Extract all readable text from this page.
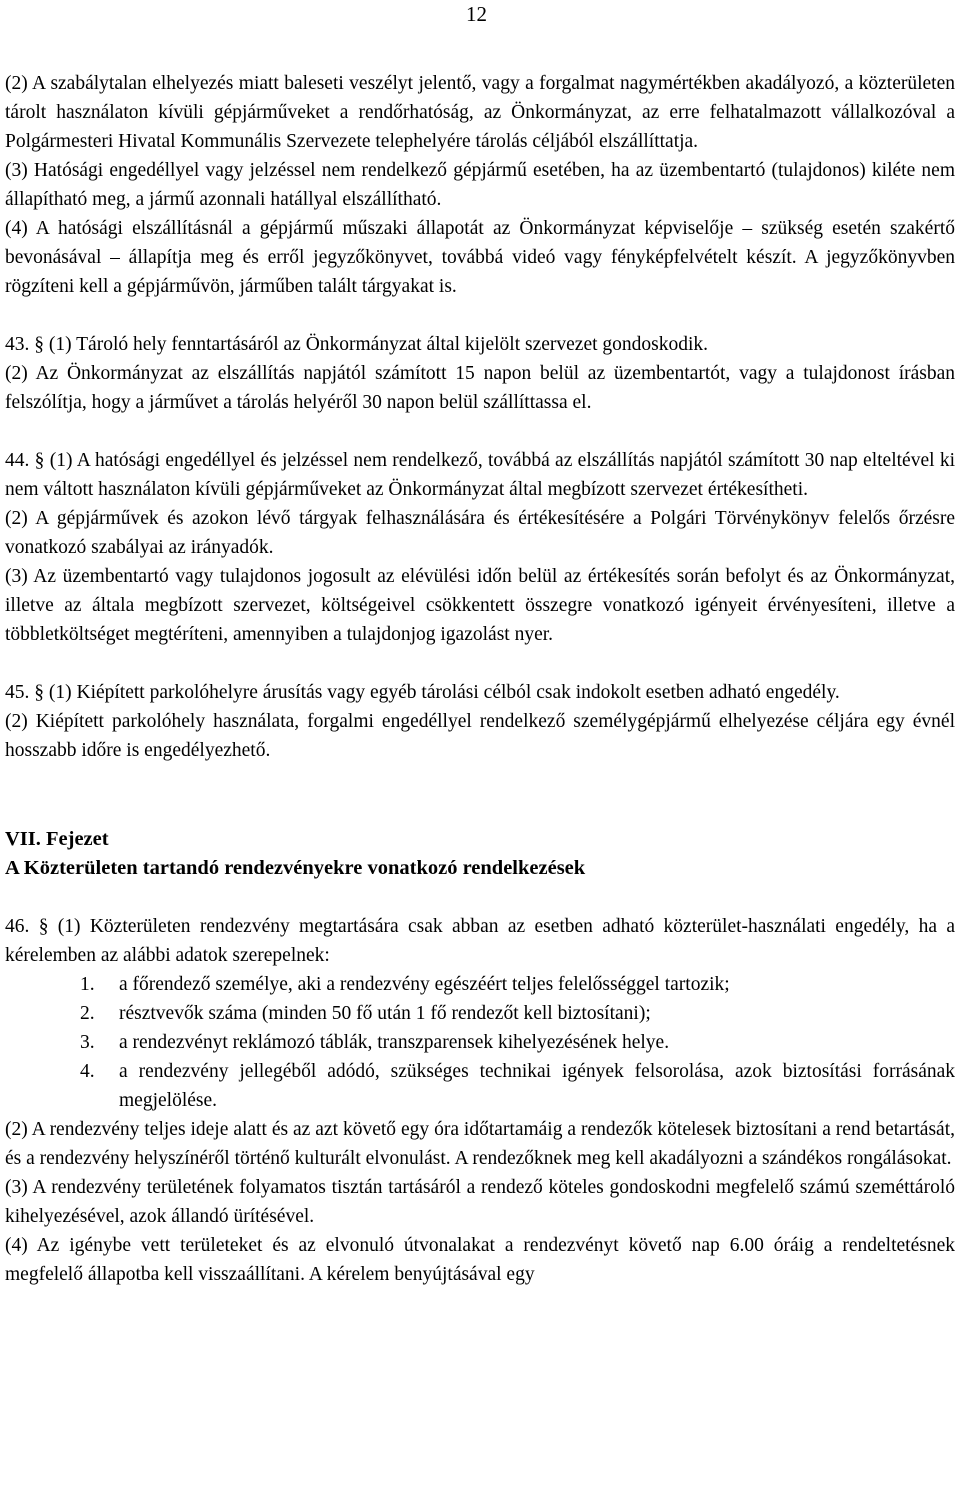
12

(2) A szabálytalan elhelyezés miatt baleseti veszélyt jelentő, vagy a forgalmat nagymértékben akadályozó, a közterületen tárolt használaton kívüli gépjárműveket a rendőrhatóság, az Önkormányzat, az erre felhatalmazott vállalkozóval a Polgármesteri Hivatal Kommunális Szervezete telephelyére tárolás céljából elszállíttatja.

(3) Hatósági engedéllyel vagy jelzéssel nem rendelkező gépjármű esetében, ha az üzembentartó (tulajdonos) kiléte nem állapítható meg, a jármű azonnali hatállyal elszállítható.

(4) A hatósági elszállításnál a gépjármű műszaki állapotát az Önkormányzat képviselője – szükség esetén szakértő bevonásával – állapítja meg és erről jegyzőkönyvet, továbbá videó vagy fényképfelvételt készít. A jegyzőkönyvben rögzíteni kell a gépjárművön, járműben talált tárgyakat is.

43. § (1) Tároló hely fenntartásáról az Önkormányzat által kijelölt szervezet gondoskodik.

(2) Az Önkormányzat az elszállítás napjától számított 15 napon belül az üzembentartót, vagy a tulajdonost írásban felszólítja, hogy a járművet a tárolás helyéről 30 napon belül szállíttassa el.

44. § (1) A hatósági engedéllyel és jelzéssel nem rendelkező, továbbá az elszállítás napjától számított 30 nap elteltével ki nem váltott használaton kívüli gépjárműveket az Önkormányzat által megbízott szervezet értékesítheti.

(2) A gépjárművek és azokon lévő tárgyak felhasználására és értékesítésére a Polgári Törvénykönyv felelős őrzésre vonatkozó szabályai az irányadók.

(3) Az üzembentartó vagy tulajdonos jogosult az elévülési időn belül az értékesítés során befolyt és az Önkormányzat, illetve az általa megbízott szervezet, költségeivel csökkentett összegre vonatkozó igényeit érvényesíteni, illetve a többletköltséget megtéríteni, amennyiben a tulajdonjog igazolást nyer.

45. § (1) Kiépített parkolóhelyre árusítás vagy egyéb tárolási célból csak indokolt esetben adható engedély.

(2) Kiépített parkolóhely használata, forgalmi engedéllyel rendelkező személygépjármű elhelyezése céljára egy évnél hosszabb időre is engedélyezhető.

VII. Fejezet

A Közterületen tartandó rendezvényekre vonatkozó rendelkezések

46. § (1) Közterületen rendezvény megtartására csak abban az esetben adható közterület-használati engedély, ha a kérelemben az alábbi adatok szerepelnek:

1.	a főrendező személye, aki a rendezvény egészéért teljes felelősséggel tartozik;
2.	résztvevők száma (minden 50 fő után 1 fő rendezőt kell biztosítani);
3.	a rendezvényt reklámozó táblák, transzparensek kihelyezésének helye.
4.	a rendezvény jellegéből adódó, szükséges technikai igények felsorolása, azok biztosítási forrásának megjelölése.

(2) A rendezvény teljes ideje alatt és az azt követő egy óra időtartamáig a rendezők kötelesek biztosítani a rend betartását, és a rendezvény helyszínéről történő kulturált elvonulást. A rendezőknek meg kell akadályozni a szándékos rongálásokat.

(3) A rendezvény területének folyamatos tisztán tartásáról a rendező köteles gondoskodni megfelelő számú szeméttároló kihelyezésével, azok állandó ürítésével.

(4) Az igénybe vett területeket és az elvonuló útvonalakat a rendezvényt követő nap 6.00 óráig a rendeltetésnek megfelelő állapotba kell visszaállítani. A kérelem benyújtásával egy
